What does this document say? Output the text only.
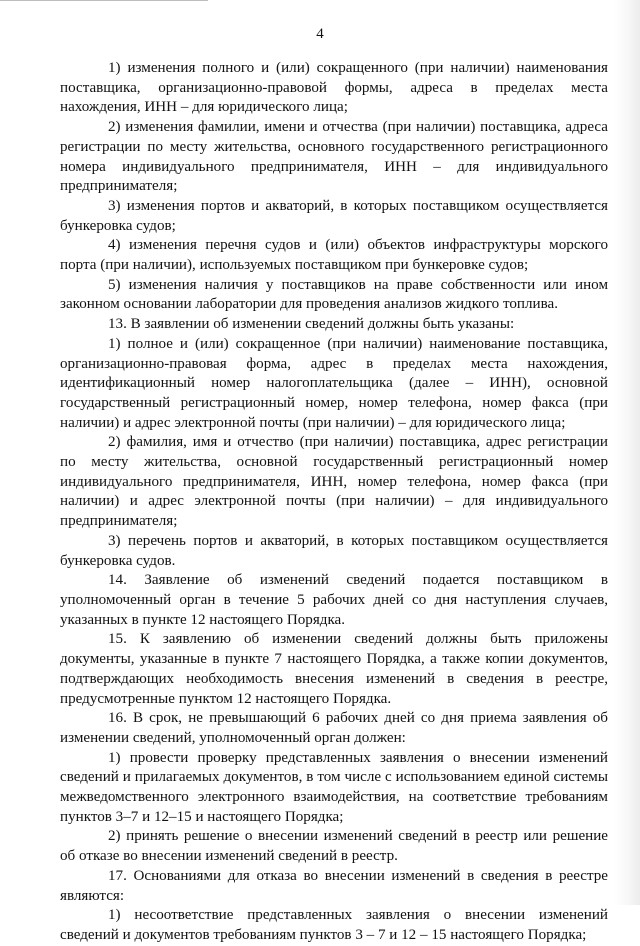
4

1) изменения полного и (или) сокращенного (при наличии) наименования поставщика, организационно-правовой формы, адреса в пределах места нахождения, ИНН – для юридического лица;

2) изменения фамилии, имени и отчества (при наличии) поставщика, адреса регистрации по месту жительства, основного государственного регистрационного номера индивидуального предпринимателя, ИНН – для индивидуального предпринимателя;

3) изменения портов и акваторий, в которых поставщиком осуществляется бункеровка судов;

4) изменения перечня судов и (или) объектов инфраструктуры морского порта (при наличии), используемых поставщиком при бункеровке судов;

5) изменения наличия у поставщиков на праве собственности или ином законном основании лаборатории для проведения анализов жидкого топлива.

13. В заявлении об изменении сведений должны быть указаны:

1) полное и (или) сокращенное (при наличии) наименование поставщика, организационно-правовая форма, адрес в пределах места нахождения, идентификационный номер налогоплательщика (далее – ИНН), основной государственный регистрационный номер, номер телефона, номер факса (при наличии) и адрес электронной почты (при наличии) – для юридического лица;

2) фамилия, имя и отчество (при наличии) поставщика, адрес регистрации по месту жительства, основной государственный регистрационный номер индивидуального предпринимателя, ИНН, номер телефона, номер факса (при наличии) и адрес электронной почты (при наличии) – для индивидуального предпринимателя;

3) перечень портов и акваторий, в которых поставщиком осуществляется бункеровка судов.

14. Заявление об изменений сведений подается поставщиком в уполномоченный орган в течение 5 рабочих дней со дня наступления случаев, указанных в пункте 12 настоящего Порядка.

15. К заявлению об изменении сведений должны быть приложены документы, указанные в пункте 7 настоящего Порядка, а также копии документов, подтверждающих необходимость внесения изменений в сведения в реестре, предусмотренные пунктом 12 настоящего Порядка.

16. В срок, не превышающий 6 рабочих дней со дня приема заявления об изменении сведений, уполномоченный орган должен:

1) провести проверку представленных заявления о внесении изменений сведений и прилагаемых документов, в том числе с использованием единой системы межведомственного электронного взаимодействия, на соответствие требованиям пунктов 3–7 и 12–15 и настоящего Порядка;

2) принять решение о внесении изменений сведений в реестр или решение об отказе во внесении изменений сведений в реестр.

17. Основаниями для отказа во внесении изменений в сведения в реестре являются:

1) несоответствие представленных заявления о внесении изменений сведений и документов требованиям пунктов 3 – 7 и 12 – 15 настоящего Порядка;
